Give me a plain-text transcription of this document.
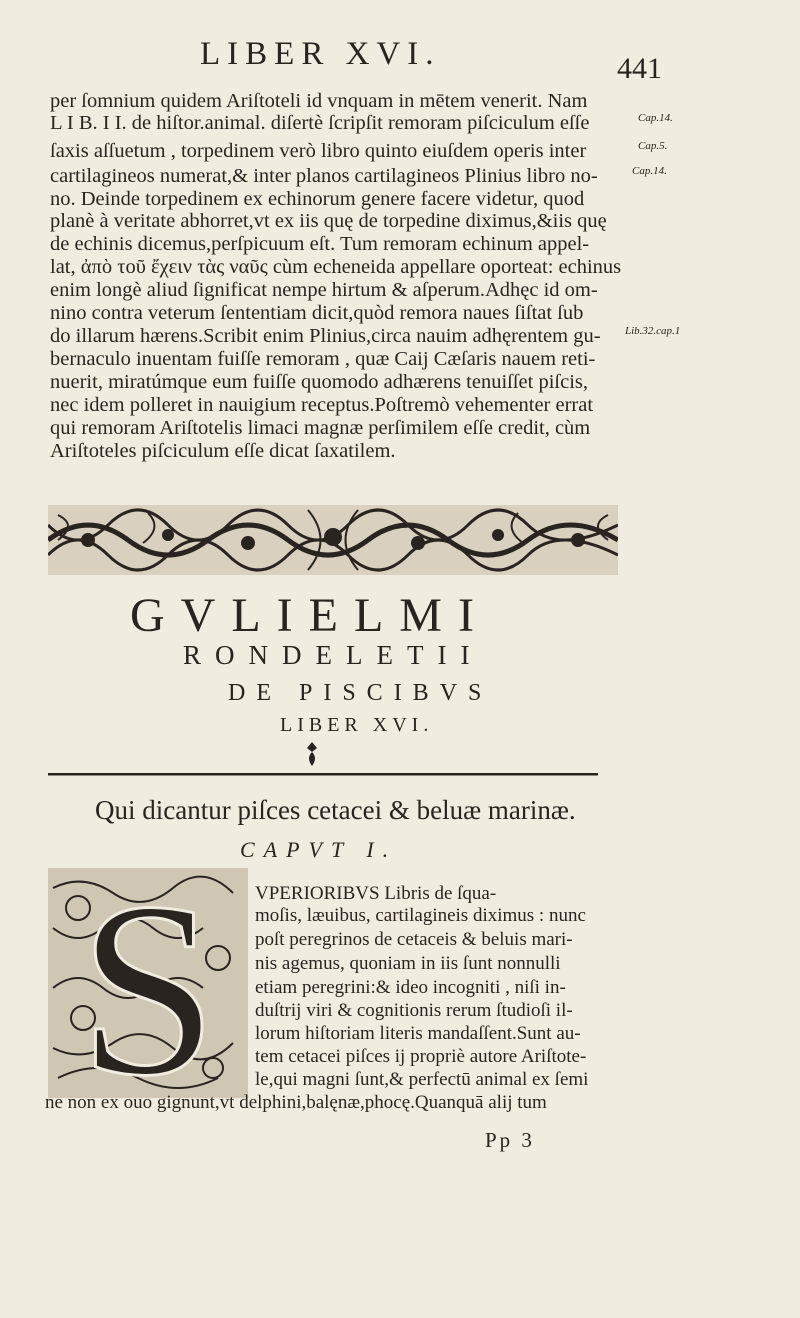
LIBER XVI.	441
per ſomnium quidem Ariſtoteli id vnquam in mētem venerit. Nam
L I B. I I. de hiſtor.animal. diſertè ſcripſit remoram piſciculum eſſe
ſaxis aſſuetum , torpedinem verò libro quinto eiuſdem operis inter
cartilagineos numerat,& inter planos cartilagineos Plinius libro no-
no. Deinde torpedinem ex echinorum genere facere videtur, quod
planè à veritate abhorret,vt ex iis quę de torpedine diximus,&iis quę
de echinis dicemus,perſpicuum eſt. Tum remoram echinum appel-
lat, ἀπὸ τοῦ ἔχειν τὰς ναῦς cùm echeneida appellare oporteat: echinus
enim longè aliud ſignificat nempe hirtum & aſperum.Adhęc id om-
nino contra veterum ſententiam dicit,quòd remora naues ſiſtat ſub
do illarum hærens.Scribit enim Plinius,circa nauim adhęrentem gu-
bernaculo inuentam fuiſſe remoram , quæ Caij Cæſaris nauem reti-
nuerit, miratúmque eum fuiſſe quomodo adhærens tenuiſſet piſcis,
nec idem polleret in nauigium receptus.Poſtremò vehementer errat
qui remoram Ariſtotelis limaci magnæ perſimilem eſſe credit, cùm
Ariſtoteles piſciculum eſſe dicat ſaxatilem.
Cap.14.
Cap.5.
Cap.14.
Lib.32.cap.1
GVLIELMI
RONDELETII
DE PISCIBVS
LIBER XVI.
Qui dicantur piſces cetacei & beluæ marinæ.
CAPVT I.
S VPERIORIBVS Libris de ſqua-
moſis, læuibus, cartilagineis diximus : nunc
poſt peregrinos de cetaceis & beluis mari-
nis agemus, quoniam in iis ſunt nonnulli
etiam peregrini:& ideo incogniti , niſi in-
duſtrij viri & cognitionis rerum ſtudioſi il-
lorum hiſtoriam literis mandaſſent.Sunt au-
tem cetacei piſces ij propriè autore Ariſtote-
le,qui magni ſunt,& perfectū animal ex ſemi
ne non ex ouo gignunt,vt delphini,balęnæ,phocę.Quanquā alij tum
Pp 3
